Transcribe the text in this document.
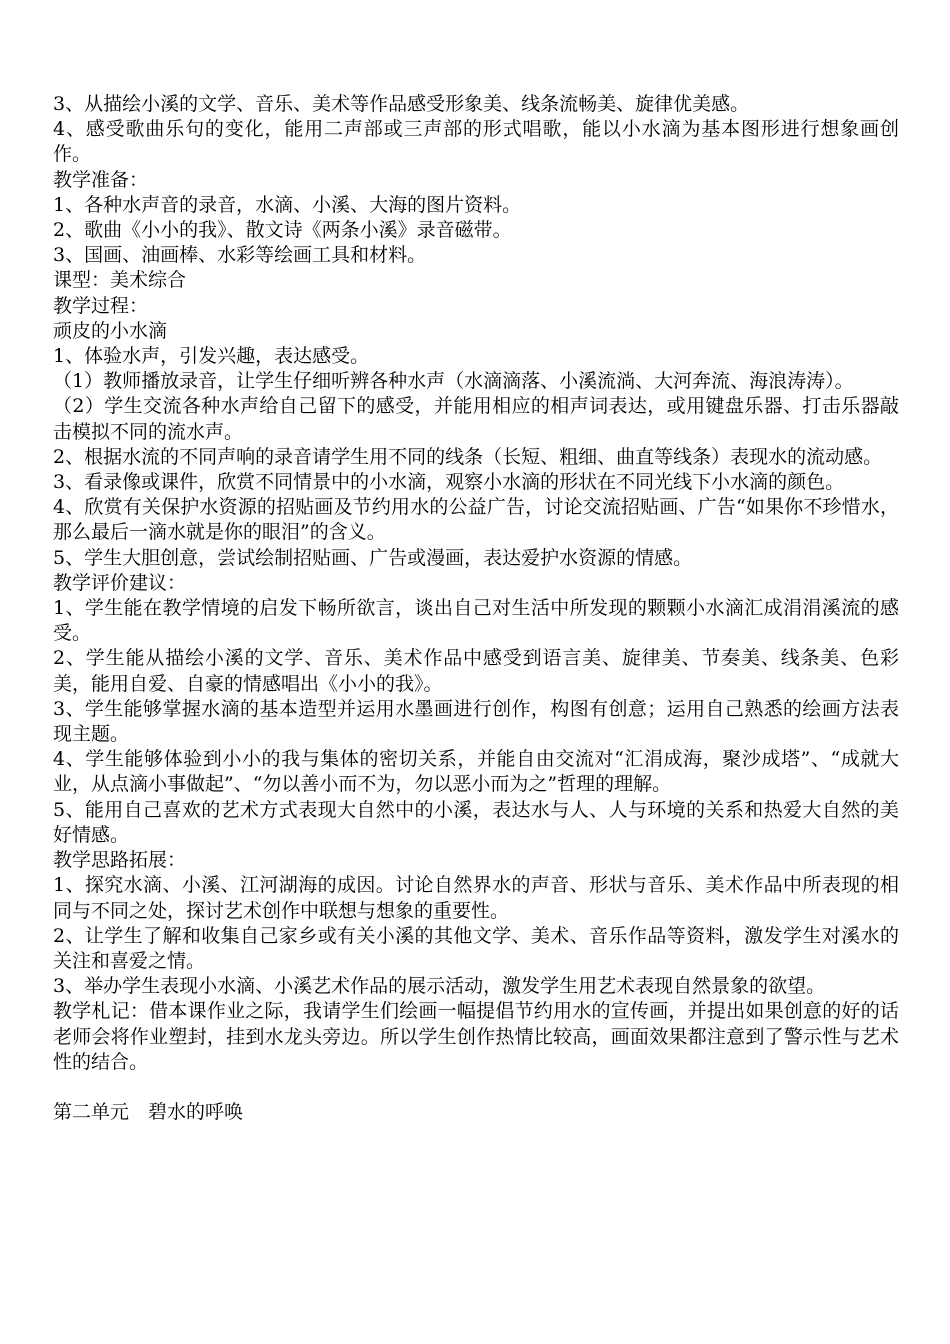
3、从描绘小溪的文学、音乐、美术等作品感受形象美、线条流畅美、旋律优美感。

4、感受歌曲乐句的变化，能用二声部或三声部的形式唱歌，能以小水滴为基本图形进行想象画创作。

教学准备：

1、各种水声音的录音，水滴、小溪、大海的图片资料。

2、歌曲《小小的我》、散文诗《两条小溪》录音磁带。

3、国画、油画棒、水彩等绘画工具和材料。

课型：美术综合

教学过程：

顽皮的小水滴

1、体验水声，引发兴趣，表达感受。

（1）教师播放录音，让学生仔细听辨各种水声（水滴滴落、小溪流淌、大河奔流、海浪涛涛）。

（2）学生交流各种水声给自己留下的感受，并能用相应的相声词表达，或用键盘乐器、打击乐器敲击模拟不同的流水声。

2、根据水流的不同声响的录音请学生用不同的线条（长短、粗细、曲直等线条）表现水的流动感。

3、看录像或课件，欣赏不同情景中的小水滴，观察小水滴的形状在不同光线下小水滴的颜色。

4、欣赏有关保护水资源的招贴画及节约用水的公益广告，讨论交流招贴画、广告“如果你不珍惜水，那么最后一滴水就是你的眼泪”的含义。

5、学生大胆创意，尝试绘制招贴画、广告或漫画，表达爱护水资源的情感。

教学评价建议：

1、学生能在教学情境的启发下畅所欲言，谈出自己对生活中所发现的颗颗小水滴汇成涓涓溪流的感受。

2、学生能从描绘小溪的文学、音乐、美术作品中感受到语言美、旋律美、节奏美、线条美、色彩美，能用自爱、自豪的情感唱出《小小的我》。

3、学生能够掌握水滴的基本造型并运用水墨画进行创作，构图有创意；运用自己熟悉的绘画方法表现主题。

4、学生能够体验到小小的我与集体的密切关系，并能自由交流对“汇涓成海，聚沙成塔”、“成就大业，从点滴小事做起”、“勿以善小而不为，勿以恶小而为之”哲理的理解。

5、能用自己喜欢的艺术方式表现大自然中的小溪，表达水与人、人与环境的关系和热爱大自然的美好情感。

教学思路拓展：

1、探究水滴、小溪、江河湖海的成因。讨论自然界水的声音、形状与音乐、美术作品中所表现的相同与不同之处，探讨艺术创作中联想与想象的重要性。

2、让学生了解和收集自己家乡或有关小溪的其他文学、美术、音乐作品等资料，激发学生对溪水的关注和喜爱之情。

3、举办学生表现小水滴、小溪艺术作品的展示活动，激发学生用艺术表现自然景象的欲望。

教学札记：借本课作业之际，我请学生们绘画一幅提倡节约用水的宣传画，并提出如果创意的好的话老师会将作业塑封，挂到水龙头旁边。所以学生创作热情比较高，画面效果都注意到了警示性与艺术性的结合。

第二单元　碧水的呼唤
